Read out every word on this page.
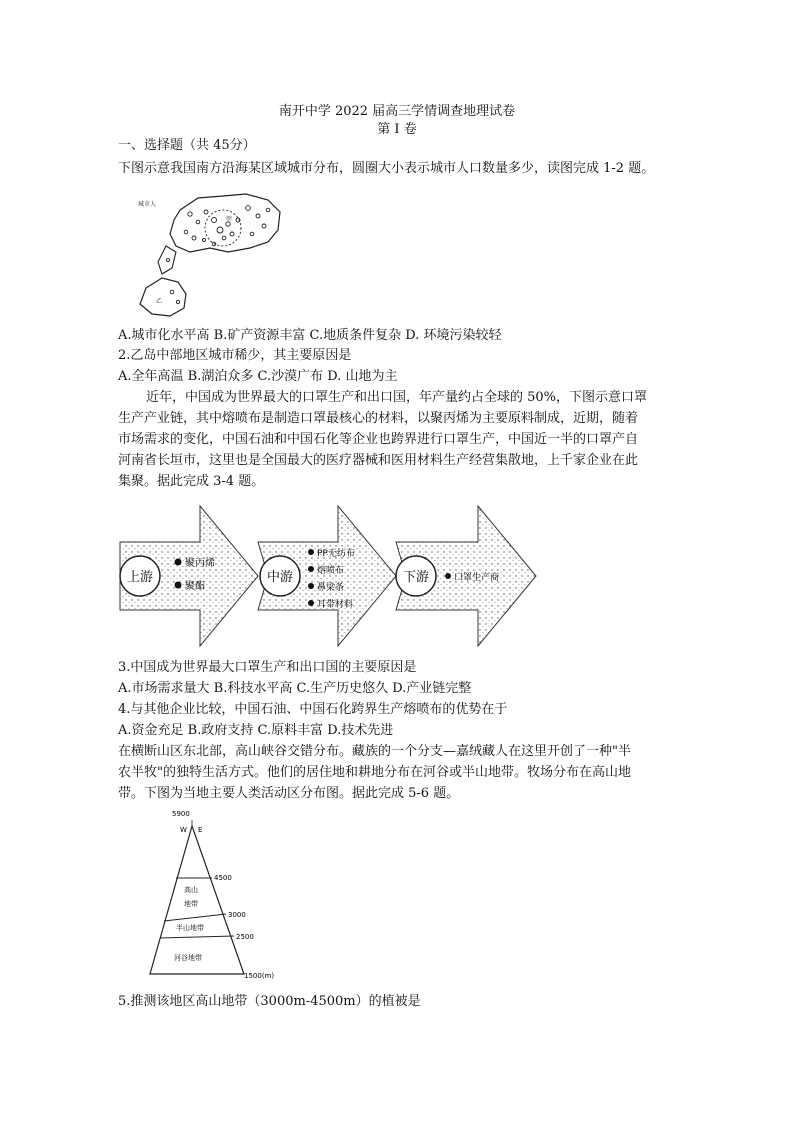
南开中学 2022 届高三学情调查地理试卷
第 I 卷
一、选择题（共 45分）
下图示意我国南方沿海某区域城市分布，圆圈大小表示城市人口数量多少，读图完成 1-2 题。
城市人
甲
乙
A.城市化水平高 B.矿产资源丰富 C.地质条件复杂 D. 环境污染较轻
2.乙岛中部地区城市稀少，其主要原因是
A.全年高温 B.湖泊众多 C.沙漠广布 D. 山地为主
近年，中国成为世界最大的口罩生产和出口国，年产量约占全球的 50%，下图示意口罩
生产产业链，其中熔喷布是制造口罩最核心的材料，以聚丙烯为主要原料制成，近期，随着
市场需求的变化，中国石油和中国石化等企业也跨界进行口罩生产，中国近一半的口罩产自
河南省长垣市，这里也是全国最大的医疗器械和医用材料生产经营集散地，上千家企业在此
集聚。据此完成 3-4 题。
上游
聚丙烯
聚酯
中游
PP无纺布
熔喷布
鼻梁条
耳带材料
下游	口罩生产商
3.中国成为世界最大口罩生产和出口国的主要原因是
A.市场需求量大 B.科技水平高 C.生产历史悠久 D.产业链完整
4.与其他企业比较，中国石油、中国石化跨界生产熔喷布的优势在于
A.资金充足 B.政府支持 C.原料丰富 D.技术先进
在横断山区东北部，高山峡谷交错分布。藏族的一个分支—嘉绒藏人在这里开创了一种"半
农半牧"的独特生活方式。他们的居住地和耕地分布在河谷或半山地带。牧场分布在高山地
带。下图为当地主要人类活动区分布图。据此完成 5-6 题。
5900
W E
4500
3000
2500
1500(m)
高山
地带
半山地带
河谷地带
5.推测该地区高山地带（3000m-4500m）的植被是
